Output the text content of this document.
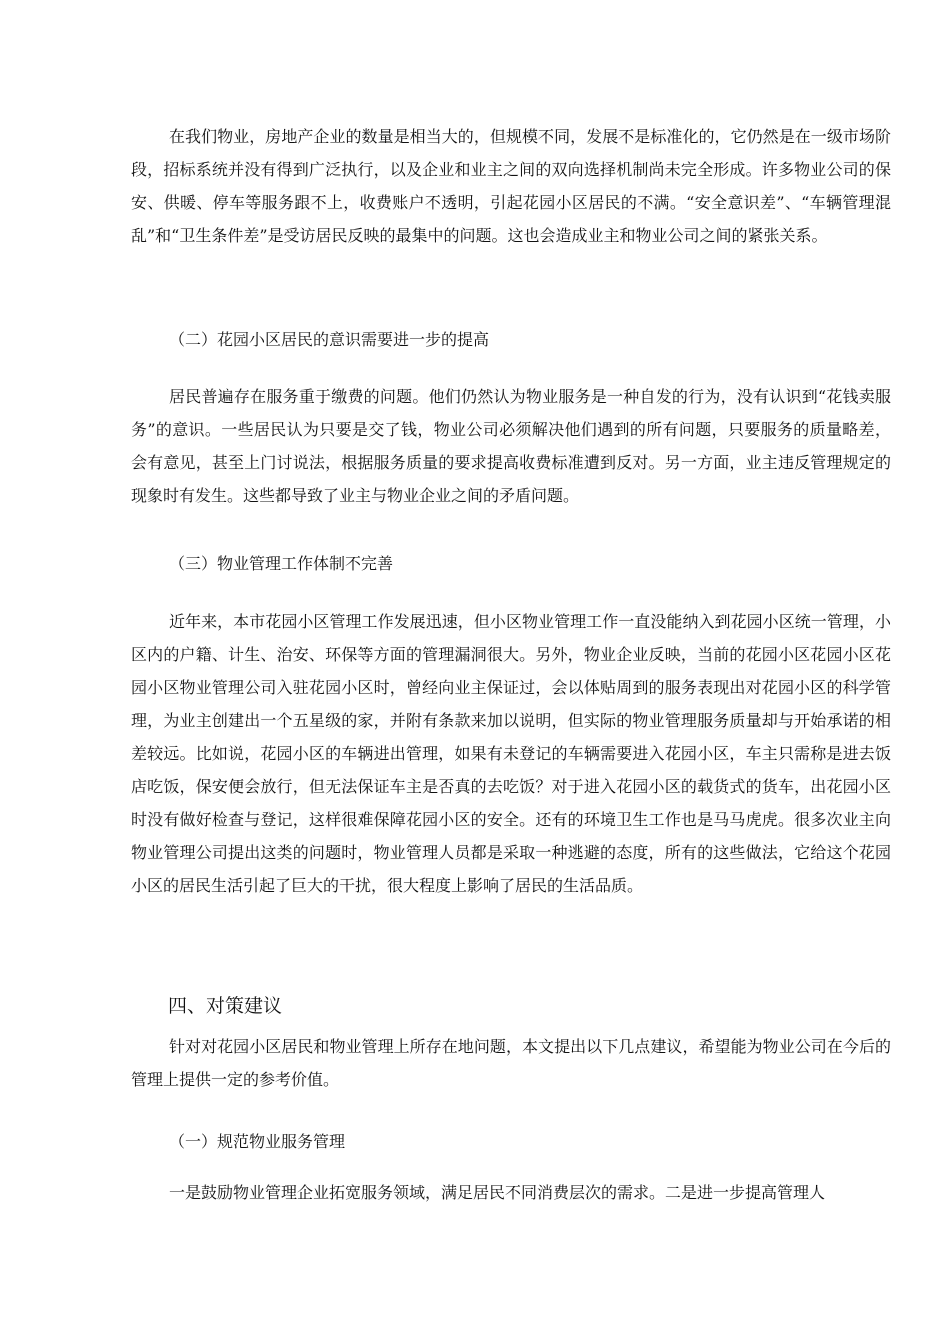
在我们物业，房地产企业的数量是相当大的，但规模不同，发展不是标准化的，它仍然是在一级市场阶段，招标系统并没有得到广泛执行，以及企业和业主之间的双向选择机制尚未完全形成。许多物业公司的保安、供暖、停车等服务跟不上，收费账户不透明，引起花园小区居民的不满。“安全意识差”、“车辆管理混乱”和“卫生条件差”是受访居民反映的最集中的问题。这也会造成业主和物业公司之间的紧张关系。

（二）花园小区居民的意识需要进一步的提高

居民普遍存在服务重于缴费的问题。他们仍然认为物业服务是一种自发的行为，没有认识到“花钱卖服务”的意识。一些居民认为只要是交了钱，物业公司必须解决他们遇到的所有问题，只要服务的质量略差，会有意见，甚至上门讨说法，根据服务质量的要求提高收费标准遭到反对。另一方面，业主违反管理规定的现象时有发生。这些都导致了业主与物业企业之间的矛盾问题。

（三）物业管理工作体制不完善

近年来，本市花园小区管理工作发展迅速，但小区物业管理工作一直没能纳入到花园小区统一管理，小区内的户籍、计生、治安、环保等方面的管理漏洞很大。另外，物业企业反映，当前的花园小区花园小区花园小区物业管理公司入驻花园小区时，曾经向业主保证过，会以体贴周到的服务表现出对花园小区的科学管理，为业主创建出一个五星级的家，并附有条款来加以说明，但实际的物业管理服务质量却与开始承诺的相差较远。比如说，花园小区的车辆进出管理，如果有未登记的车辆需要进入花园小区，车主只需称是进去饭店吃饭，保安便会放行，但无法保证车主是否真的去吃饭？对于进入花园小区的载货式的货车，出花园小区时没有做好检查与登记，这样很难保障花园小区的安全。还有的环境卫生工作也是马马虎虎。很多次业主向物业管理公司提出这类的问题时，物业管理人员都是采取一种逃避的态度，所有的这些做法，它给这个花园小区的居民生活引起了巨大的干扰，很大程度上影响了居民的生活品质。

四、对策建议

针对对花园小区居民和物业管理上所存在地问题，本文提出以下几点建议，希望能为物业公司在今后的管理上提供一定的参考价值。

（一）规范物业服务管理

一是鼓励物业管理企业拓宽服务领域，满足居民不同消费层次的需求。二是进一步提高管理人
